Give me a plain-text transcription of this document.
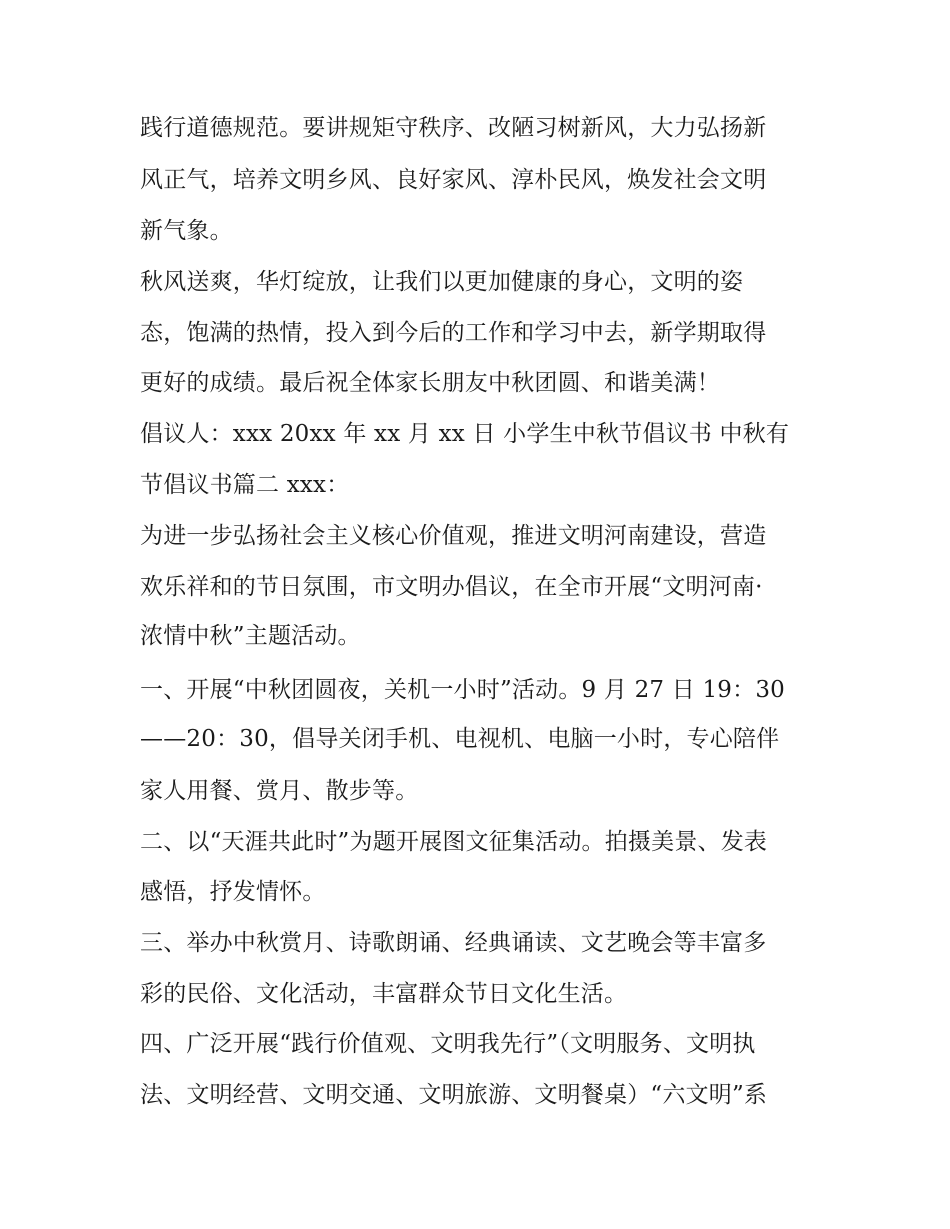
践行道德规范。要讲规矩守秩序、改陋习树新风，大力弘扬新
风正气，培养文明乡风、良好家风、淳朴民风，焕发社会文明
新气象。
秋风送爽，华灯绽放，让我们以更加健康的身心，文明的姿
态，饱满的热情，投入到今后的工作和学习中去，新学期取得
更好的成绩。最后祝全体家长朋友中秋团圆、和谐美满！
倡议人：xxx 20xx 年 xx 月 xx 日 小学生中秋节倡议书 中秋有
节倡议书篇二 xxx：
为进一步弘扬社会主义核心价值观，推进文明河南建设，营造
欢乐祥和的节日氛围，市文明办倡议，在全市开展“文明河南·
浓情中秋”主题活动。
一、开展“中秋团圆夜，关机一小时”活动。9 月 27 日 19：30
——20：30，倡导关闭手机、电视机、电脑一小时，专心陪伴
家人用餐、赏月、散步等。
二、以“天涯共此时”为题开展图文征集活动。拍摄美景、发表
感悟，抒发情怀。
三、举办中秋赏月、诗歌朗诵、经典诵读、文艺晚会等丰富多
彩的民俗、文化活动，丰富群众节日文化生活。
四、广泛开展“践行价值观、文明我先行”（文明服务、文明执
法、文明经营、文明交通、文明旅游、文明餐桌）“六文明”系
